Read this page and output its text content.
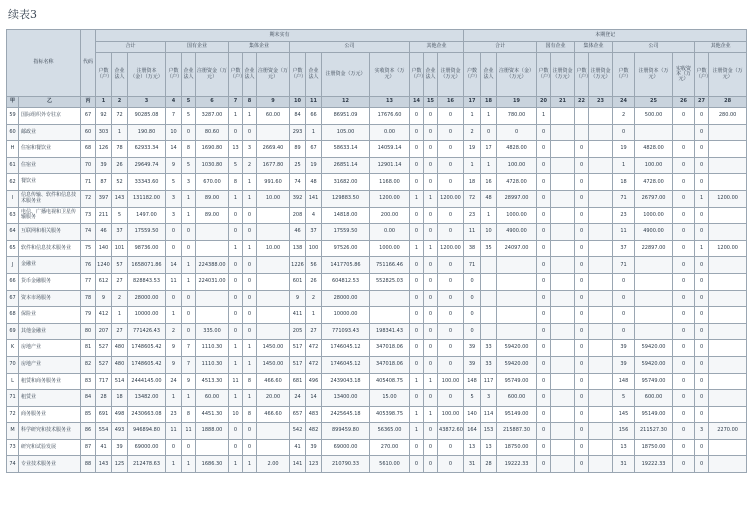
续表3
指标名称		代码	期末实有																本期登记											
			合计			国有企业			集体企业			公司				其他企业			合计			国有企业		集体企业		公司			其他企业	
			户数（户）	企业法人	注册资本（金）（万元）	户数（户）	企业法人	注册资金（万元）	户数（户）	企业法人	注册资金（万元）	户数（户）	企业法人	注册资金（万元）	实收资本（万元）	户数（户）	企业法人	注册资金（万元）	户数（户）	企业法人	注册资本（金）（万元）	户数（户）	注册资金（万元）	户数（户）	注册资金（万元）	户数（户）	注册资本（万元）	实收资本（万元）	户数（户）	注册资金（万元）
甲	乙	丙	1	2	3	4	5	6	7	8	9	10	11	12	13	14	15	16	17	18	19	20	21	22	23	24	25	26	27	28
59	国际组织外专驻京	67	92	72	90285.08	7	5	3287.00	1	1	60.00	84	66	86951.09	17676.60	0	0	0	1	1	780.00	1				2	500.00	0	0	280.00
60	邮政业	60	303	1	190.80	10	0	80.60	0	0		293	1	105.00	0.00	0	0	0	2	0	0	0				0			0	
H	住宿和餐饮业	68	126	78	62933.34	14	8	1690.80	13	3	2669.40	89	67	58633.14	14059.14	0	0	0	19	17	4828.00	0		0		19	4828.00	0	0	
61	住宿业	70	39	26	29649.74	9	5	1030.80	5	2	1677.80	25	19	26851.14	12901.14	0	0	0	1	1	100.00	0		0		1	100.00	0	0	
62	餐饮业	71	87	52	33343.60	5	3	670.00	8	1	991.60	74	48	31682.00	1168.00	0	0	0	18	16	4728.00	0		0		18	4728.00	0	0	
I	信息传输、软件和信息技术服务业	72	397	143	131182.00	3	1	89.00	1	1	10.00	392	141	129883.50	1200.00	1	1	1200.00	72	48	28997.00	0		0		71	26797.00	0	1	1200.00
63	电信、广播电视和卫星传输服务	73	211	5	1497.00	3	1	89.00	0	0		208	4	14818.00	200.00	0	0	0	23	1	1000.00	0		0		23	1000.00	0	0	
64	互联网和相关服务	74	46	37	17559.50	0	0		0	0		46	37	17559.50	0.00	0	0	0	11	10	4900.00	0		0		11	4900.00	0	0	
65	软件和信息技术服务业	75	140	101	98736.00	0	0		1	1	10.00	138	100	97526.00	1000.00	1	1	1200.00	38	35	24097.00	0		0		37	22897.00	0	1	1200.00
J	金融业	76	1240	57	1658071.86	14	1	224388.00	0	0		1226	56	1417705.86	751166.46	0	0	0	71			0		0		71		0	0	
66	货币金融服务	77	612	27	828843.53	11	1	224031.00	0	0		601	26	604812.53	552825.03	0	0	0	0			0		0		0		0	0	
67	资本市场服务	78	9	2	28000.00	0	0		0	0		9	2	28000.00		0	0	0	0			0		0		0		0	0	
68	保险业	79	412	1	10000.00	1	0		0	0		411	1	10000.00		0	0	0	0			0		0		0		0	0	
69	其他金融业	80	207	27	771426.43	2	0	335.00	0	0		205	27	771093.43	198341.43	0	0	0	0			0		0		0		0	0	
K	房地产业	81	527	480	1748605.42	9	7	1110.30	1	1	1450.00	517	472	1746045.12	347018.06	0	0	0	39	33	59420.00	0		0		39	59420.00	0	0	
70	房地产业	82	527	480	1748605.42	9	7	1110.30	1	1	1450.00	517	472	1746045.12	347018.06	0	0	0	39	33	59420.00	0		0		39	59420.00	0	0	
L	租赁和商务服务业	83	717	514	2444145.00	24	9	4513.30	11	8	466.60	681	496	2439043.18	405408.75	1	1	100.00	148	117	95749.00	0		0		148	95749.00	0	0	
71	租赁业	84	28	18	13482.00	1	1	60.00	1	1	20.00	24	14	13400.00	15.00	0	0	0	5	3	600.00	0		0		5	600.00	0	0	
72	商务服务业	85	691	498	2430663.08	23	8	4451.30	10	8	466.60	657	483	2425645.18	405398.75	1	1	100.00	140	114	95149.00	0		0		145	95149.00	0	0	
M	科学研究和技术服务业	86	554	493	946894.80	11	11	1888.00	0	0		542	482	899459.80	56365.00	1	0	43872.60	164	153	215887.30	0		0		156	211527.30	0	3	2270.00
73	研究和试验发展	87	41	39	69000.00	0	0		0	0		41	39	69000.00	270.00	0	0	0	13	13	18750.00	0		0		13	18750.00	0	0	
74	专业技术服务业	88	143	125	212478.63	1	1	1686.30	1	1	2.00	141	123	210790.33	5610.00	0	0	0	31	28	19222.33	0		0		31	19222.33	0	0	
